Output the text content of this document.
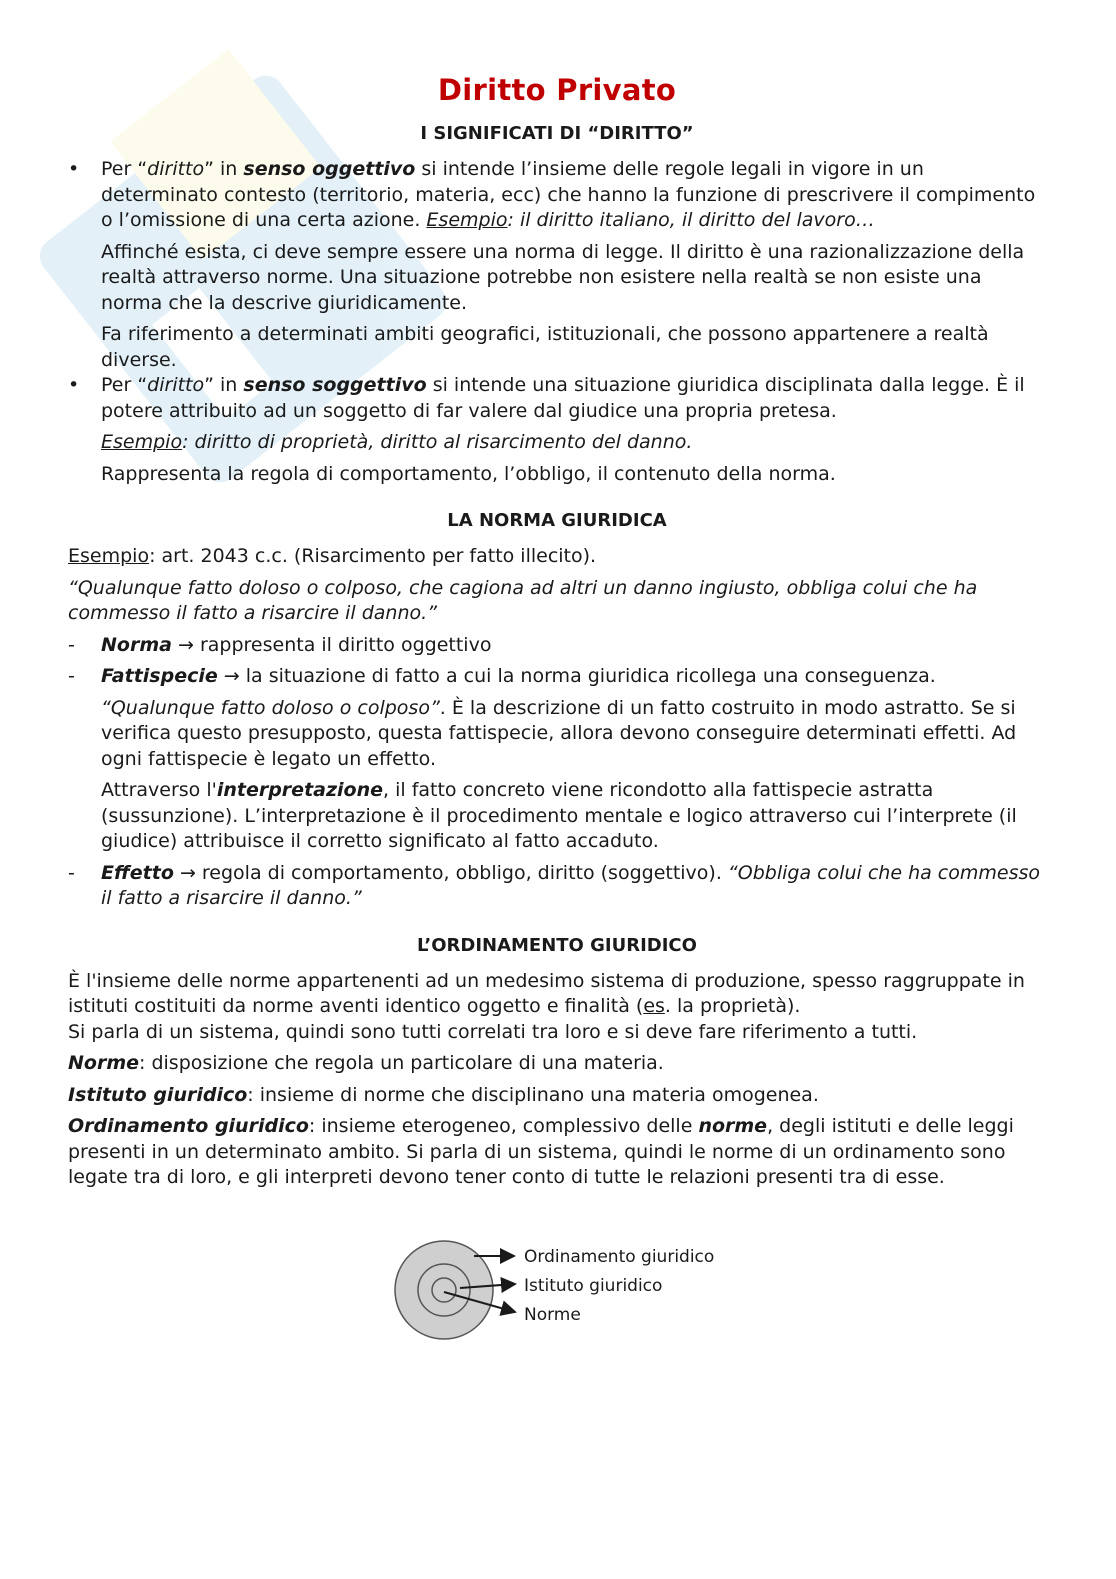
Diritto Privato
I SIGNIFICATI DI “DIRITTO”
• Per “diritto” in senso oggettivo si intende l’insieme delle regole legali in vigore in un determinato contesto (territorio, materia, ecc) che hanno la funzione di prescrivere il compimento o l’omissione di una certa azione. Esempio: il diritto italiano, il diritto del lavoro…

Affinché esista, ci deve sempre essere una norma di legge. Il diritto è una razionalizzazione della realtà attraverso norme. Una situazione potrebbe non esistere nella realtà se non esiste una norma che la descrive giuridicamente.

Fa riferimento a determinati ambiti geografici, istituzionali, che possono appartenere a realtà diverse.

• Per “diritto” in senso soggettivo si intende una situazione giuridica disciplinata dalla legge. È il potere attribuito ad un soggetto di far valere dal giudice una propria pretesa.

Esempio: diritto di proprietà, diritto al risarcimento del danno.

Rappresenta la regola di comportamento, l’obbligo, il contenuto della norma.

LA NORMA GIURIDICA

Esempio: art. 2043 c.c. (Risarcimento per fatto illecito).

“Qualunque fatto doloso o colposo, che cagiona ad altri un danno ingiusto, obbliga colui che ha commesso il fatto a risarcire il danno.”

- Norma → rappresenta il diritto oggettivo
- Fattispecie → la situazione di fatto a cui la norma giuridica ricollega una conseguenza.

“Qualunque fatto doloso o colposo”. È la descrizione di un fatto costruito in modo astratto. Se si verifica questo presupposto, questa fattispecie, allora devono conseguire determinati effetti. Ad ogni fattispecie è legato un effetto.

Attraverso l'interpretazione, il fatto concreto viene ricondotto alla fattispecie astratta (sussunzione). L’interpretazione è il procedimento mentale e logico attraverso cui l’interprete (il giudice) attribuisce il corretto significato al fatto accaduto.

- Effetto → regola di comportamento, obbligo, diritto (soggettivo). “Obbliga colui che ha commesso il fatto a risarcire il danno.”
L’ORDINAMENTO GIURIDICO

È l'insieme delle norme appartenenti ad un medesimo sistema di produzione, spesso raggruppate in istituti costituiti da norme aventi identico oggetto e finalità (es. la proprietà).

Si parla di un sistema, quindi sono tutti correlati tra loro e si deve fare riferimento a tutti.

Norme: disposizione che regola un particolare di una materia.

Istituto giuridico: insieme di norme che disciplinano una materia omogenea.

Ordinamento giuridico: insieme eterogeneo, complessivo delle norme, degli istituti e delle leggi presenti in un determinato ambito. Si parla di un sistema, quindi le norme di un ordinamento sono legate tra di loro, e gli interpreti devono tener conto di tutte le relazioni presenti tra di esse.

Ordinamento giuridico
Istituto giuridico
Norme
